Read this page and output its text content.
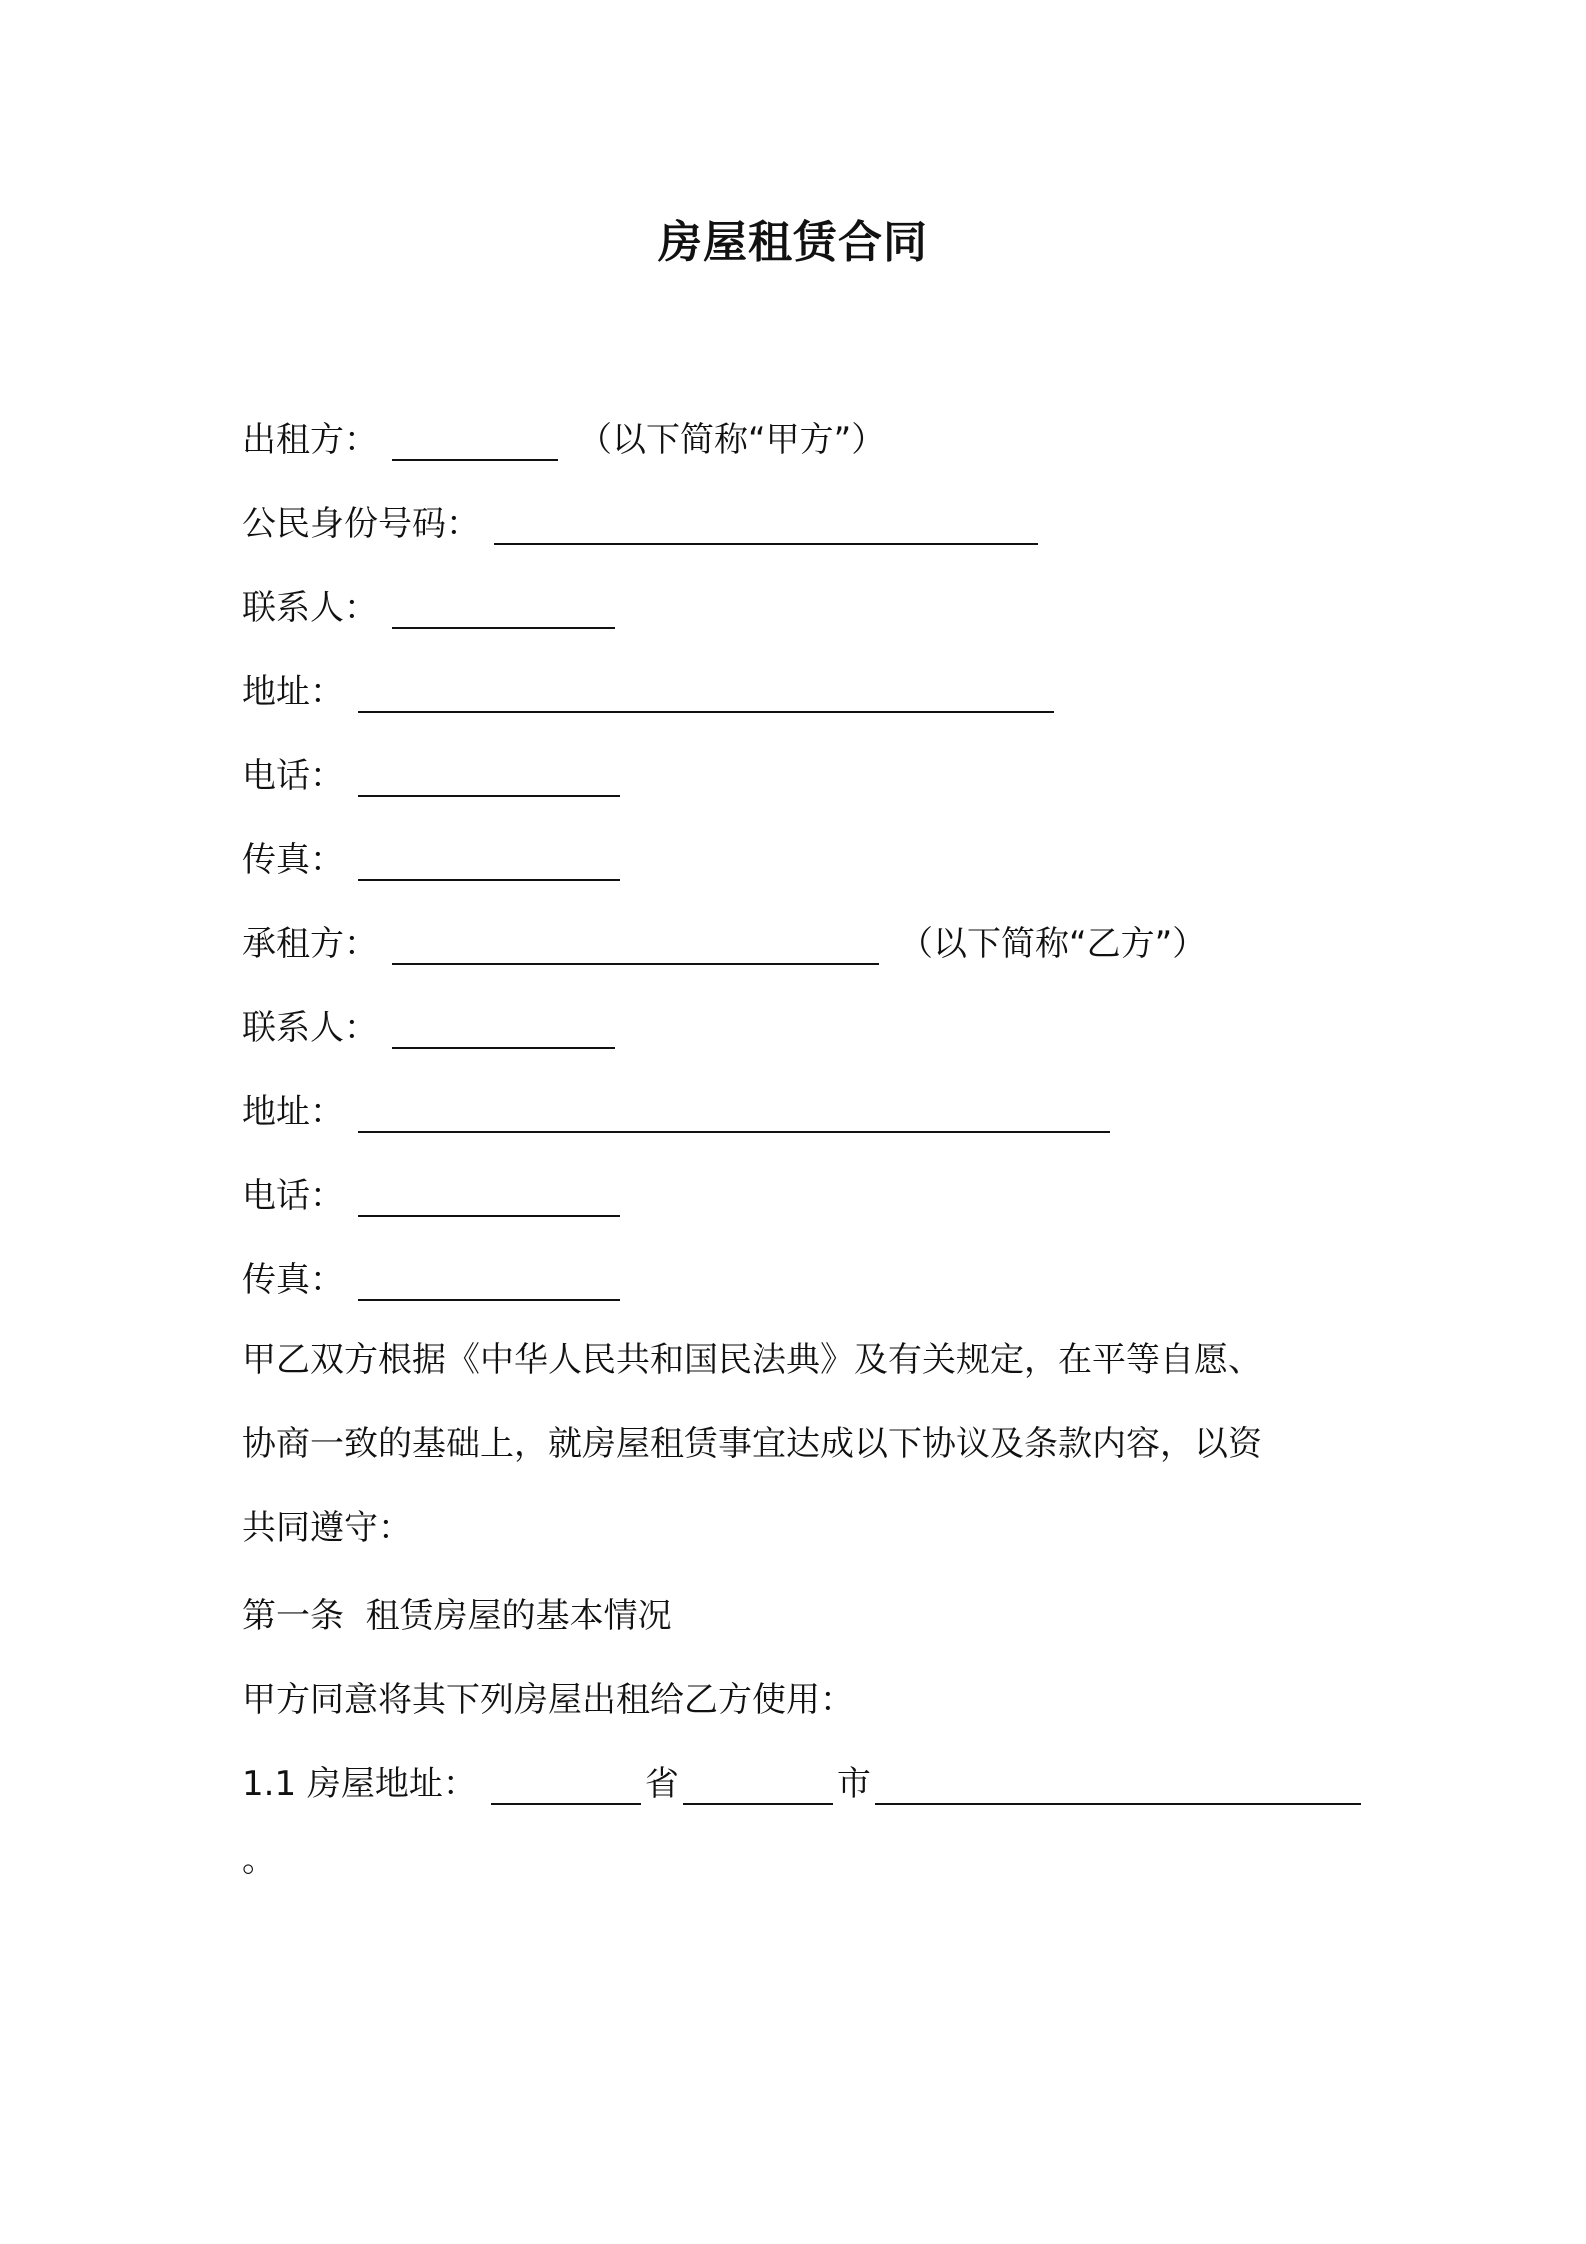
房屋租赁合同
出租方：	（以下简称“甲方”）
公民身份号码：
联系人：
地址：
电话：
传真：
承租方：	（以下简称“乙方”）
联系人：
地址：
电话：
传真：
甲乙双方根据《中华人民共和国民法典》及有关规定，在平等自愿、
协商一致的基础上，就房屋租赁事宜达成以下协议及条款内容，以资
共同遵守：
第一条  租赁房屋的基本情况
甲方同意将其下列房屋出租给乙方使用：
1.1 房屋地址：	省	市
。
